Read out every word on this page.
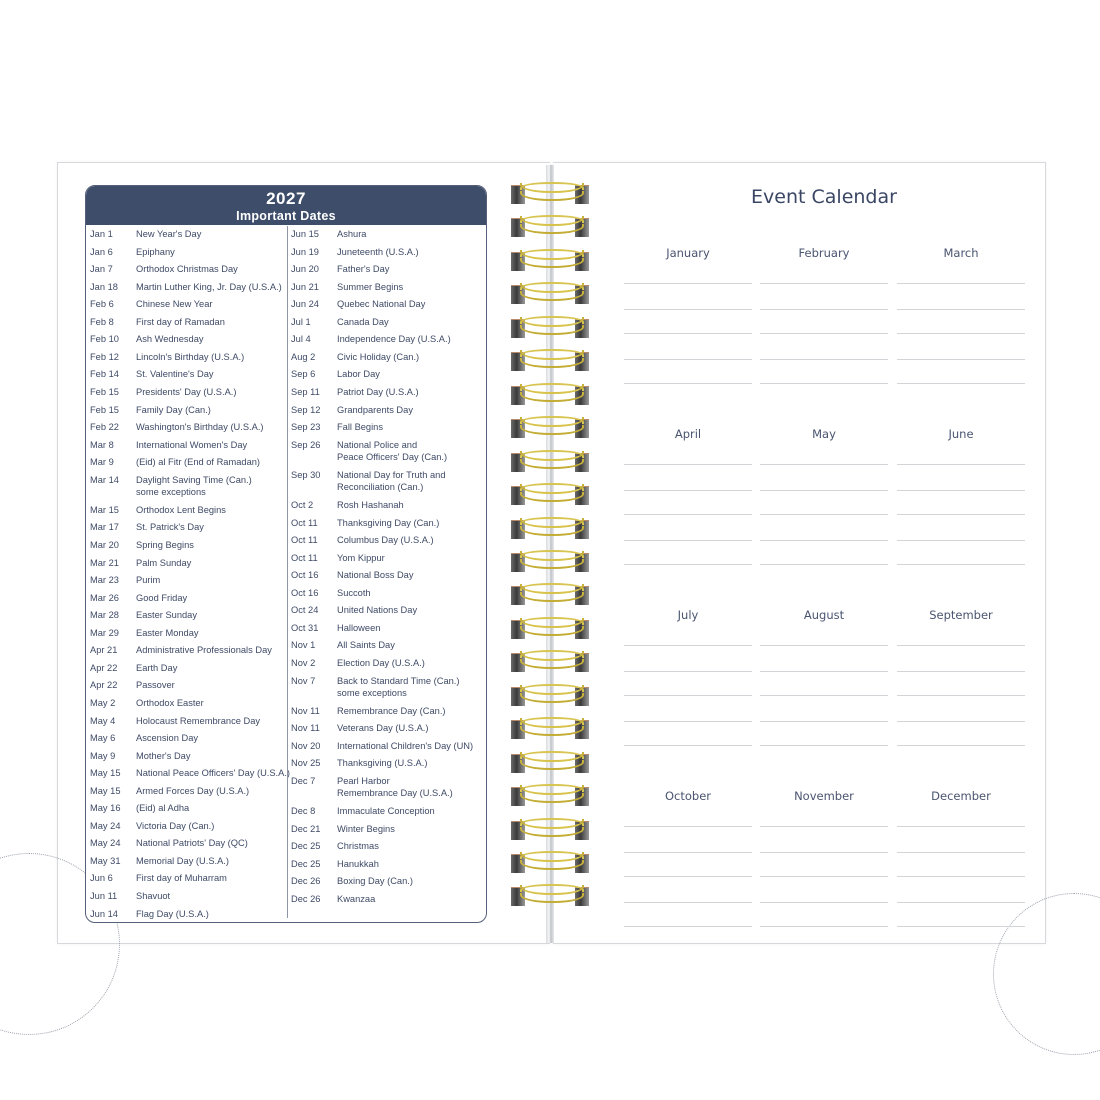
2027
Important Dates
Jan 1	New Year's Day
Jan 6	Epiphany
Jan 7	Orthodox Christmas Day
Jan 18	Martin Luther King, Jr. Day (U.S.A.)
Feb 6	Chinese New Year
Feb 8	First day of Ramadan
Feb 10	Ash Wednesday
Feb 12	Lincoln's Birthday (U.S.A.)
Feb 14	St. Valentine's Day
Feb 15	Presidents' Day (U.S.A.)
Feb 15	Family Day (Can.)
Feb 22	Washington's Birthday (U.S.A.)
Mar 8	International Women's Day
Mar 9	(Eid) al Fitr (End of Ramadan)
Mar 14	Daylight Saving Time (Can.)
some exceptions
Mar 15	Orthodox Lent Begins
Mar 17	St. Patrick's Day
Mar 20	Spring Begins
Mar 21	Palm Sunday
Mar 23	Purim
Mar 26	Good Friday
Mar 28	Easter Sunday
Mar 29	Easter Monday
Apr 21	Administrative Professionals Day
Apr 22	Earth Day
Apr 22	Passover
May 2	Orthodox Easter
May 4	Holocaust Remembrance Day
May 6	Ascension Day
May 9	Mother's Day
May 15	National Peace Officers' Day (U.S.A.)
May 15	Armed Forces Day (U.S.A.)
May 16	(Eid) al Adha
May 24	Victoria Day (Can.)
May 24	National Patriots' Day (QC)
May 31	Memorial Day (U.S.A.)
Jun 6	First day of Muharram
Jun 11	Shavuot
Jun 14	Flag Day (U.S.A.)
Jun 15	Ashura
Jun 19	Juneteenth (U.S.A.)
Jun 20	Father's Day
Jun 21	Summer Begins
Jun 24	Quebec National Day
Jul 1	Canada Day
Jul 4	Independence Day (U.S.A.)
Aug 2	Civic Holiday (Can.)
Sep 6	Labor Day
Sep 11	Patriot Day (U.S.A.)
Sep 12	Grandparents Day
Sep 23	Fall Begins
Sep 26	National Police and
Peace Officers' Day (Can.)
Sep 30	National Day for Truth and
Reconciliation (Can.)
Oct 2	Rosh Hashanah
Oct 11	Thanksgiving Day (Can.)
Oct 11	Columbus Day (U.S.A.)
Oct 11	Yom Kippur
Oct 16	National Boss Day
Oct 16	Succoth
Oct 24	United Nations Day
Oct 31	Halloween
Nov 1	All Saints Day
Nov 2	Election Day (U.S.A.)
Nov 7	Back to Standard Time (Can.)
some exceptions
Nov 11	Remembrance Day (Can.)
Nov 11	Veterans Day (U.S.A.)
Nov 20	International Children's Day (UN)
Nov 25	Thanksgiving (U.S.A.)
Dec 7	Pearl Harbor
Remembrance Day (U.S.A.)
Dec 8	Immaculate Conception
Dec 21	Winter Begins
Dec 25	Christmas
Dec 25	Hanukkah
Dec 26	Boxing Day (Can.)
Dec 26	Kwanzaa
Event Calendar
January	February	March
April	May	June
July	August	September
October	November	December
